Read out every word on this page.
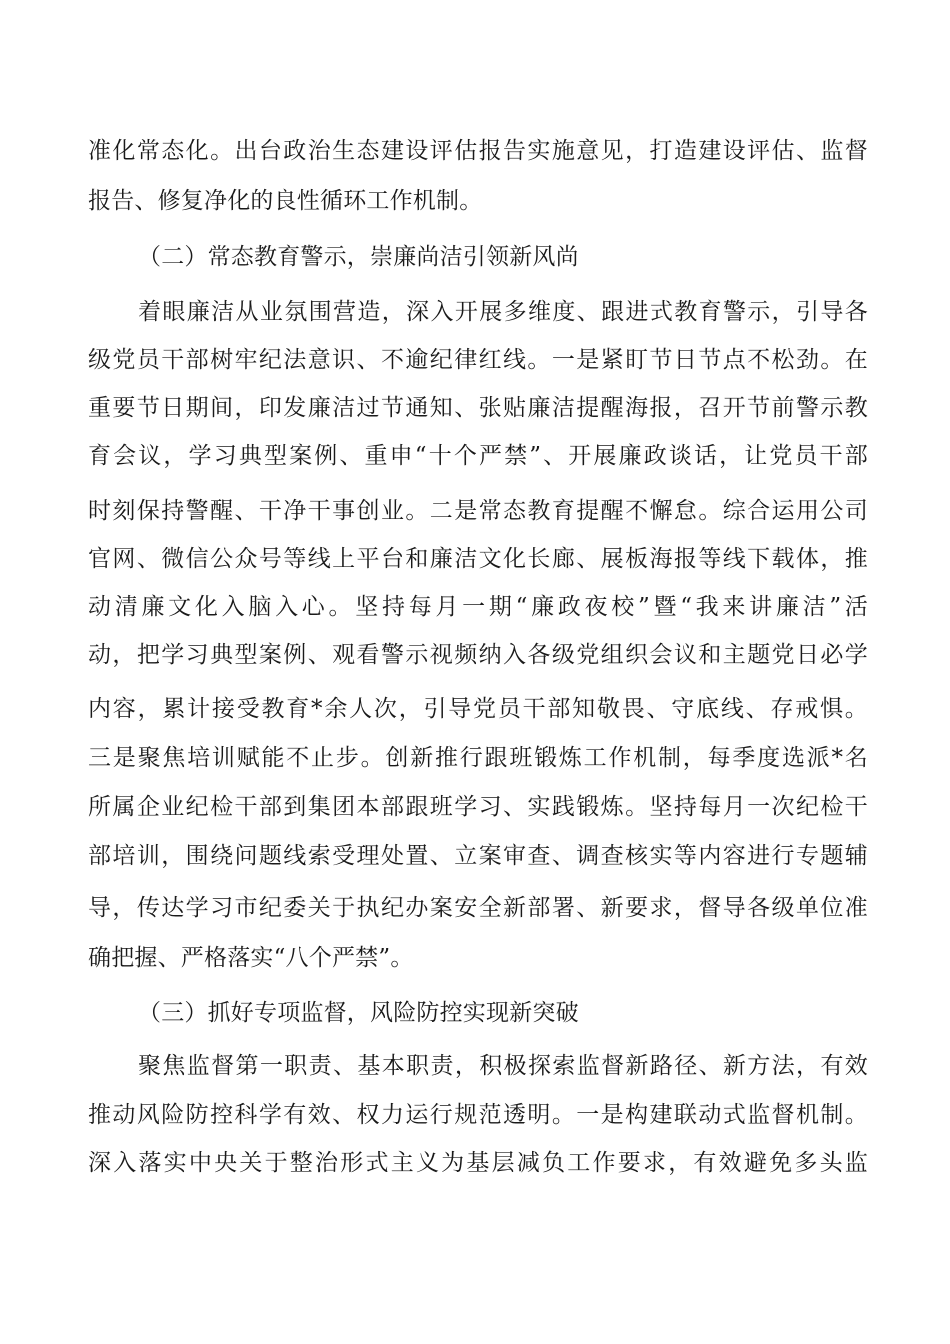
准化常态化。出台政治生态建设评估报告实施意见，打造建设评估、监督
报告、修复净化的良性循环工作机制。
（二）常态教育警示，崇廉尚洁引领新风尚
着眼廉洁从业氛围营造，深入开展多维度、跟进式教育警示，引导各
级党员干部树牢纪法意识、不逾纪律红线。一是紧盯节日节点不松劲。在
重要节日期间，印发廉洁过节通知、张贴廉洁提醒海报，召开节前警示教
育会议，学习典型案例、重申“十个严禁”、开展廉政谈话，让党员干部
时刻保持警醒、干净干事创业。二是常态教育提醒不懈怠。综合运用公司
官网、微信公众号等线上平台和廉洁文化长廊、展板海报等线下载体，推
动清廉文化入脑入心。坚持每月一期“廉政夜校”暨“我来讲廉洁”活
动，把学习典型案例、观看警示视频纳入各级党组织会议和主题党日必学
内容，累计接受教育*余人次，引导党员干部知敬畏、守底线、存戒惧。
三是聚焦培训赋能不止步。创新推行跟班锻炼工作机制，每季度选派*名
所属企业纪检干部到集团本部跟班学习、实践锻炼。坚持每月一次纪检干
部培训，围绕问题线索受理处置、立案审查、调查核实等内容进行专题辅
导，传达学习市纪委关于执纪办案安全新部署、新要求，督导各级单位准
确把握、严格落实“八个严禁”。
（三）抓好专项监督，风险防控实现新突破
聚焦监督第一职责、基本职责，积极探索监督新路径、新方法，有效
推动风险防控科学有效、权力运行规范透明。一是构建联动式监督机制。
深入落实中央关于整治形式主义为基层减负工作要求，有效避免多头监
